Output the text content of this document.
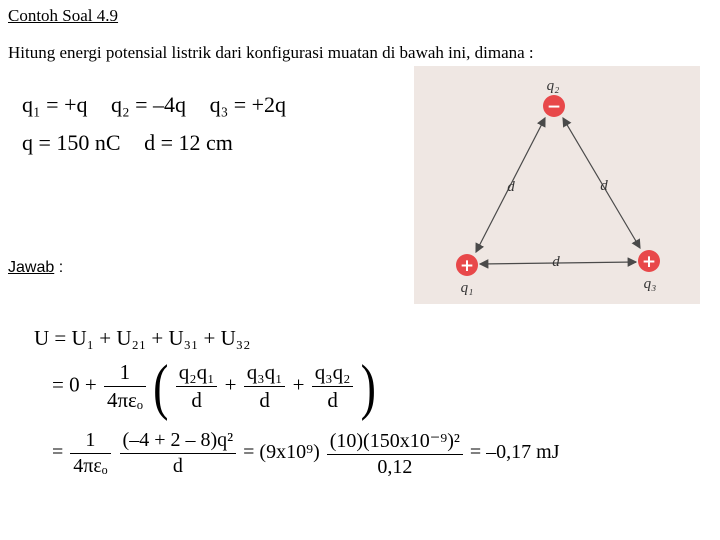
Contoh Soal 4.9
Hitung energi potensial listrik dari konfigurasi muatan di bawah ini, dimana :
q₁ = +q q₂ = –4q q₃ = +2q
q = 150 nC d = 12 cm
Jawab :
−
+	+
q₂
q₁	q₃
d	d
d
U = U₁ + U₂₁ + U₃₁ + U₃₂
= $0 + \frac{1}{\text{4πεₒ}}$ ( $\frac{\text{q₂q₁}}{d} + \frac{\text{q₃q₁}}{d} + \frac{\text{q₃q₂}}{d}$ )
= $\frac{1}{\text{4πεₒ}}$
$\frac{\text{(–4 + 2 – 8)q²}}{d} = (9x10^9) \frac{\text{(10)(150x10⁻⁹)²}}{0,12} = -0,17$ mJ
